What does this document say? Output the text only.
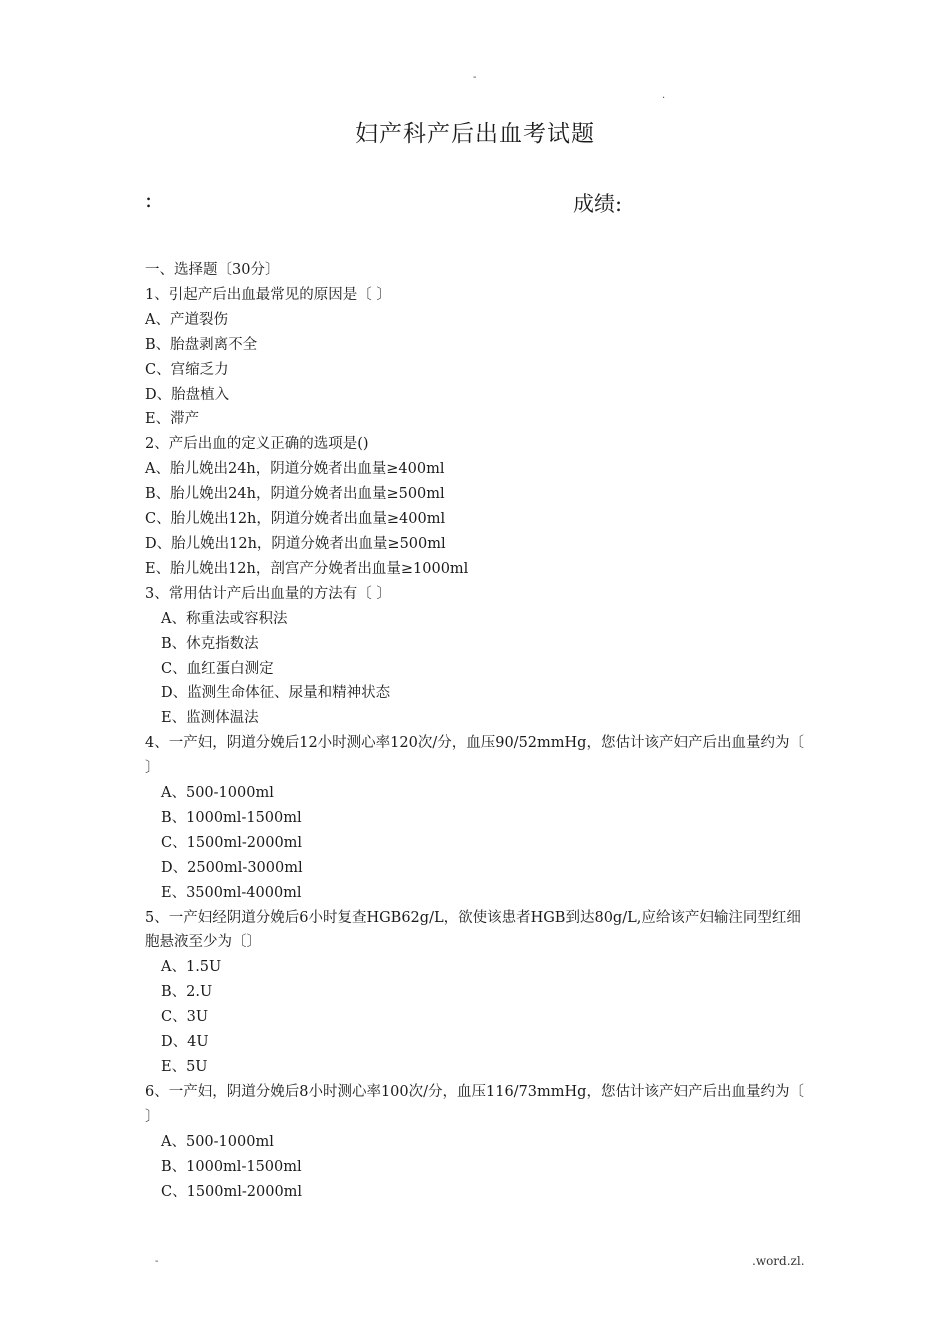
-
.
妇产科产后出血考试题
:	成绩:
一、选择题〔30分〕
1、引起产后出血最常见的原因是〔 〕
A、产道裂伤
B、胎盘剥离不全
C、宫缩乏力
D、胎盘植入
E、滞产
2、产后出血的定义正确的选项是()
A、胎儿娩出24h，阴道分娩者出血量≥400ml
B、胎儿娩出24h，阴道分娩者出血量≥500ml
C、胎儿娩出12h，阴道分娩者出血量≥400ml
D、胎儿娩出12h，阴道分娩者出血量≥500ml
E、胎儿娩出12h，剖宫产分娩者出血量≥1000ml
3、常用估计产后出血量的方法有〔 〕
A、称重法或容积法
B、休克指数法
C、血红蛋白测定
D、监测生命体征、尿量和精神状态
E、监测体温法
4、一产妇，阴道分娩后12小时测心率120次/分，血压90/52mmHg，您估计该产妇产后出血量约为〔 〕
A、500-1000ml
B、1000ml-1500ml
C、1500ml-2000ml
D、2500ml-3000ml
E、3500ml-4000ml
5、一产妇经阴道分娩后6小时复查HGB62g/L，欲使该患者HGB到达80g/L,应给该产妇输注同型红细胞悬液至少为〔〕
A、1.5U
B、2.U
C、3U
D、4U
E、5U
6、一产妇，阴道分娩后8小时测心率100次/分，血压116/73mmHg，您估计该产妇产后出血量约为〔 〕
A、500-1000ml
B、1000ml-1500ml
C、1500ml-2000ml
-	.word.zl.
